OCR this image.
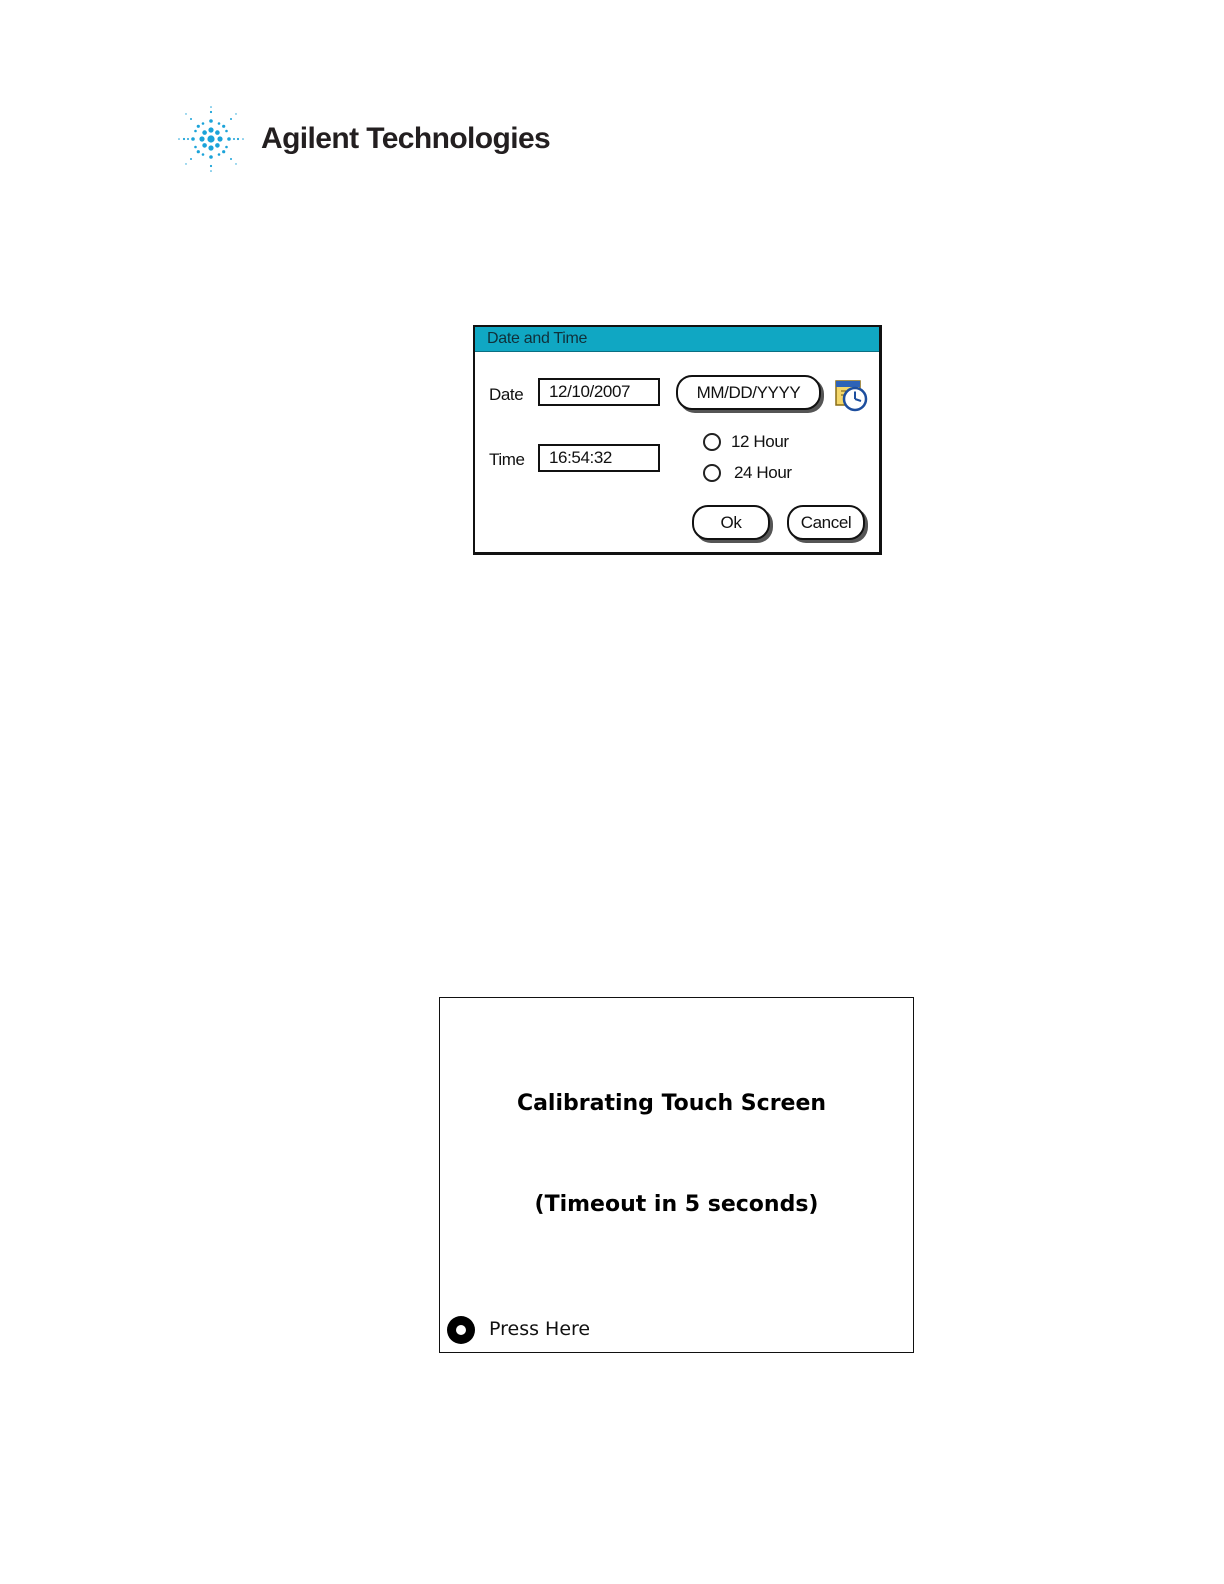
Agilent Technologies
Date and Time
Date	12/10/2007	MM/DD/YYYY
Time	16:54:32
12 Hour
24 Hour
Ok	Cancel
Calibrating Touch Screen
(Timeout in 5 seconds)
Press Here
